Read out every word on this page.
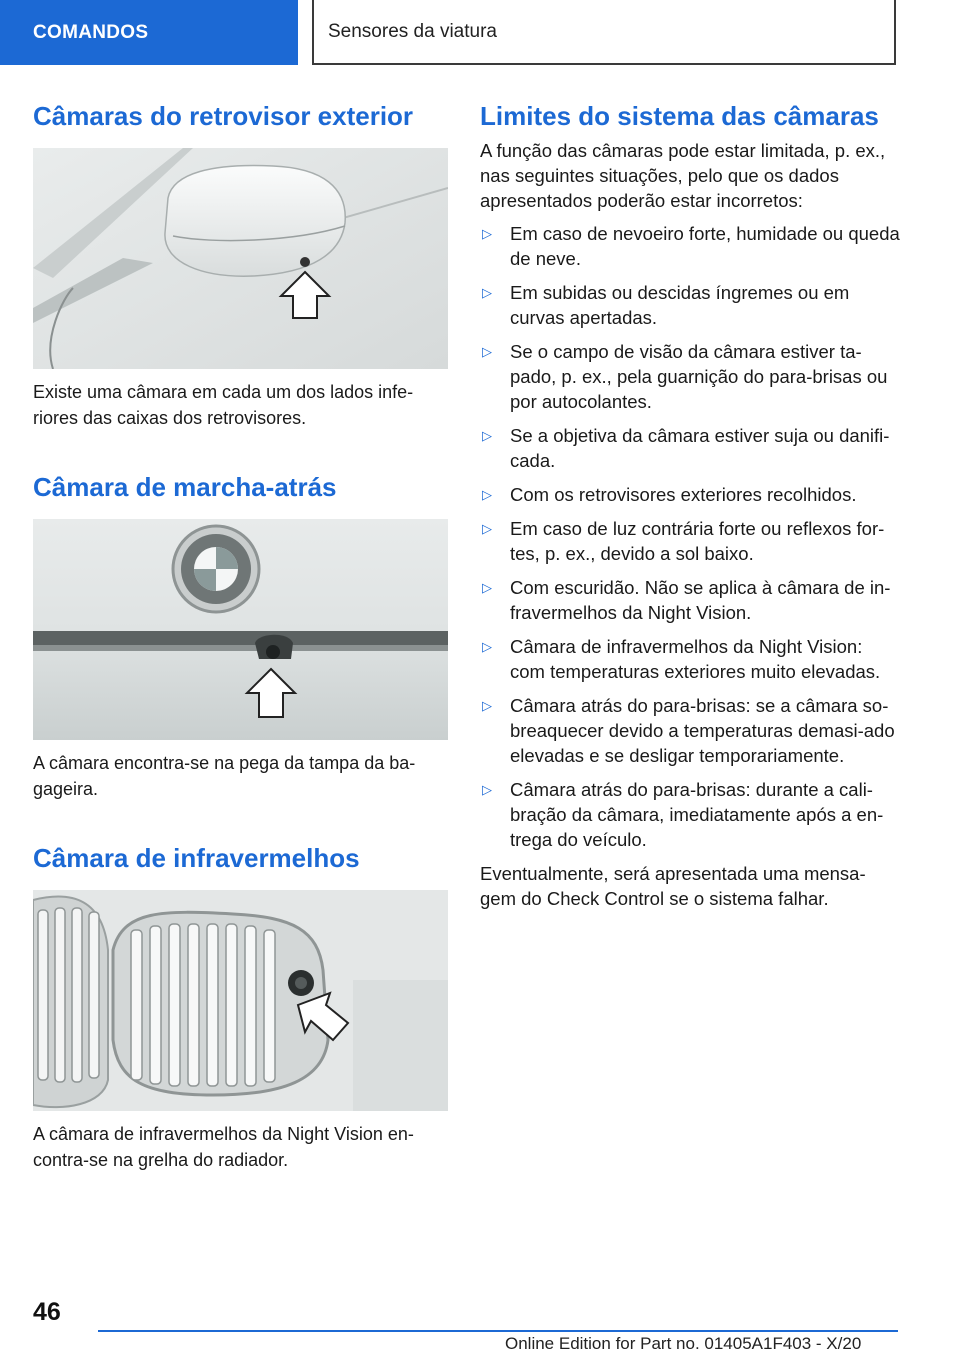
COMANDOS	Sensores da viatura
Câmaras do retrovisor exterior

Existe uma câmara em cada um dos lados infe-riores das caixas dos retrovisores.

Câmara de marcha-atrás

A câmara encontra-se na pega da tampa da ba-gageira.

Câmara de infravermelhos

A câmara de infravermelhos da Night Vision en-contra-se na grelha do radiador.

Limites do sistema das câmaras

A função das câmaras pode estar limitada, p. ex., nas seguintes situações, pelo que os dados apresentados poderão estar incorretos:

▷ Em caso de nevoeiro forte, humidade ou queda de neve.
▷ Em subidas ou descidas íngremes ou em curvas apertadas.
▷ Se o campo de visão da câmara estiver ta-pado, p. ex., pela guarnição do para-brisas ou por autocolantes.
▷ Se a objetiva da câmara estiver suja ou danifi-cada.
▷ Com os retrovisores exteriores recolhidos.
▷ Em caso de luz contrária forte ou reflexos for-tes, p. ex., devido a sol baixo.
▷ Com escuridão. Não se aplica à câmara de in-fravermelhos da Night Vision.
▷ Câmara de infravermelhos da Night Vision: com temperaturas exteriores muito elevadas.
▷ Câmara atrás do para-brisas: se a câmara so-breaquecer devido a temperaturas demasi-ado elevadas e se desligar temporariamente.
▷ Câmara atrás do para-brisas: durante a cali-bração da câmara, imediatamente após a en-trega do veículo.

Eventualmente, será apresentada uma mensa-gem do Check Control se o sistema falhar.

46
Online Edition for Part no. 01405A1F403 - X/20
